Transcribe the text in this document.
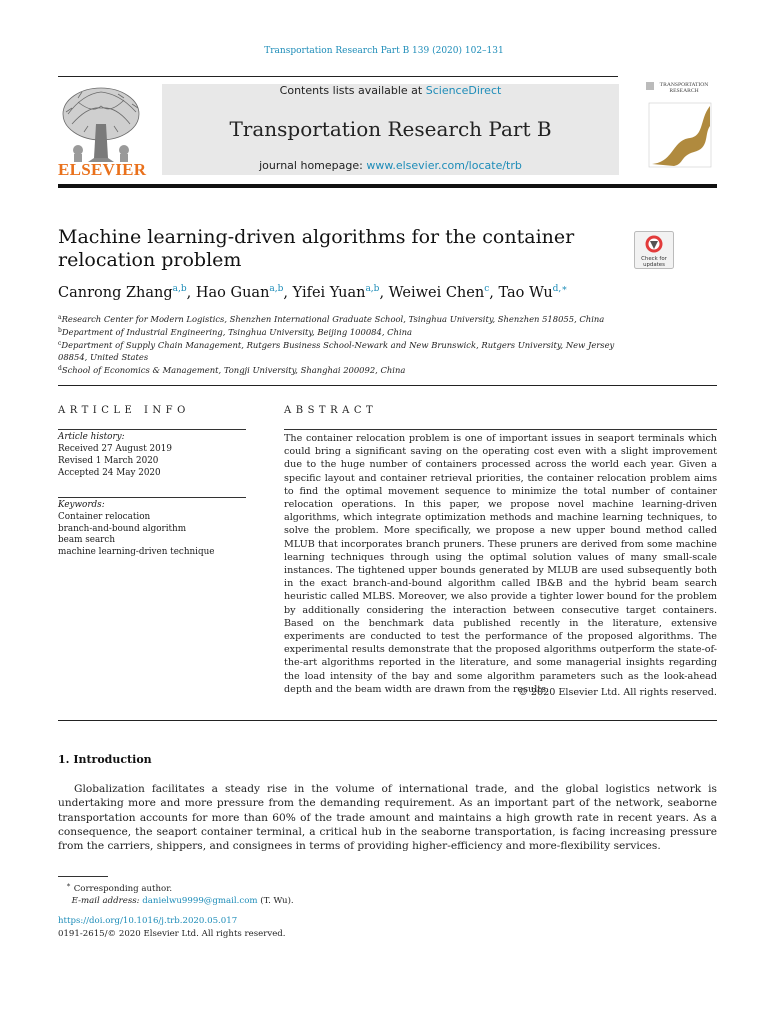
Transportation Research Part B 139 (2020) 102–131
ELSEVIER
Contents lists available at ScienceDirect
Transportation Research Part B
journal homepage: www.elsevier.com/locate/trb
TRANSPORTATION
RESEARCH
Machine learning-driven algorithms for the container relocation problem	Check for
updates
Canrong Zhang$^{a,b}$, Hao Guan$^{a,b}$, Yifei Yuan$^{a,b}$, Weiwei Chen$^c$, Tao $Wu^{d,∗}$
$^a$Research Center for Modern Logistics, Shenzhen International Graduate School, Tsinghua University, Shenzhen 518055, China
$^b$Department of Industrial Engineering, Tsinghua University, Beijing 100084, China
$^c$Department of Supply Chain Management, Rutgers Business School-Newark and New Brunswick, Rutgers University, New Jersey 08854, United States
$^d$School of Economics & Management, Tongji University, Shanghai 200092, China
ARTICLE INFO	ABSTRACT
Article history:
Received 27 August 2019
Revised 1 March 2020
Accepted 24 May 2020
Keywords:
Container relocation
branch-and-bound algorithm
beam search
machine learning-driven technique
The container relocation problem is one of important issues in seaport terminals which could bring a significant saving on the operating cost even with a slight improvement due to the huge number of containers processed across the world each year. Given a specific layout and container retrieval priorities, the container relocation problem aims to find the optimal movement sequence to minimize the total number of container relocation operations. In this paper, we propose novel machine learning-driven algorithms, which integrate optimization methods and machine learning techniques, to solve the problem. More specifically, we propose a new upper bound method called MLUB that incorporates branch pruners. These pruners are derived from some machine learning techniques through using the optimal solution values of many small-scale instances. The tightened upper bounds generated by MLUB are used subsequently both in the exact branch-and-bound algorithm called IB&B and the hybrid beam search heuristic called MLBS. Moreover, we also provide a tighter lower bound for the problem by additionally considering the interaction between consecutive target containers. Based on the benchmark data published recently in the literature, extensive experiments are conducted to test the performance of the proposed algorithms. The experimental results demonstrate that the proposed algorithms outperform the state-of-the-art algorithms reported in the literature, and some managerial insights regarding the load intensity of the bay and some algorithm parameters such as the look-ahead depth and the beam width are drawn from the results.
© 2020 Elsevier Ltd. All rights reserved.
1. Introduction
Globalization facilitates a steady rise in the volume of international trade, and the global logistics network is undertaking more and more pressure from the demanding requirement. As an important part of the network, seaborne transportation accounts for more than 60% of the trade amount and maintains a high growth rate in recent years. As a consequence, the seaport container terminal, a critical hub in the seaborne transportation, is facing increasing pressure from the carriers, shippers, and consignees in terms of providing higher-efficiency and more-flexibility services.
∗ Corresponding author.
E-mail address: danielwu9999@gmail.com (T. Wu).
https://doi.org/10.1016/j.trb.2020.05.017
0191-2615/© 2020 Elsevier Ltd. All rights reserved.
